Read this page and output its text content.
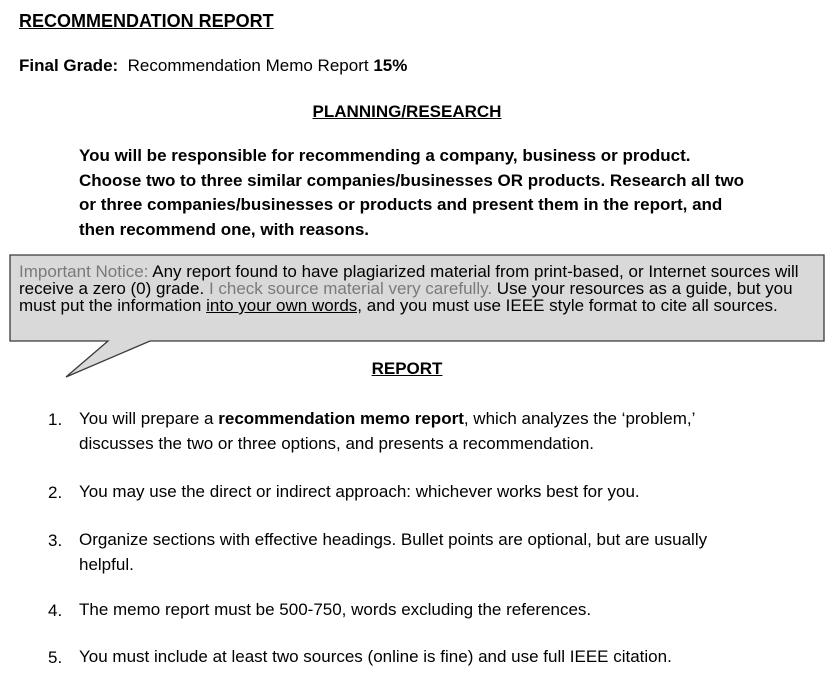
RECOMMENDATION REPORT
Final Grade: Recommendation Memo Report 15%
PLANNING/RESEARCH
You will be responsible for recommending a company, business or product.
Choose two to three similar companies/businesses OR products. Research all two
or three companies/businesses or products and present them in the report, and
then recommend one, with reasons.
Important Notice: Any report found to have plagiarized material from print-based, or Internet sources will receive a zero (0) grade. I check source material very carefully. Use your resources as a guide, but you must put the information into your own words, and you must use IEEE style format to cite all sources.
REPORT
1. You will prepare a recommendation memo report, which analyzes the ‘problem,’
discusses the two or three options, and presents a recommendation.
2. You may use the direct or indirect approach: whichever works best for you.
3. Organize sections with effective headings. Bullet points are optional, but are usually
helpful.
4. The memo report must be 500-750, words excluding the references.
5. You must include at least two sources (online is fine) and use full IEEE citation.
